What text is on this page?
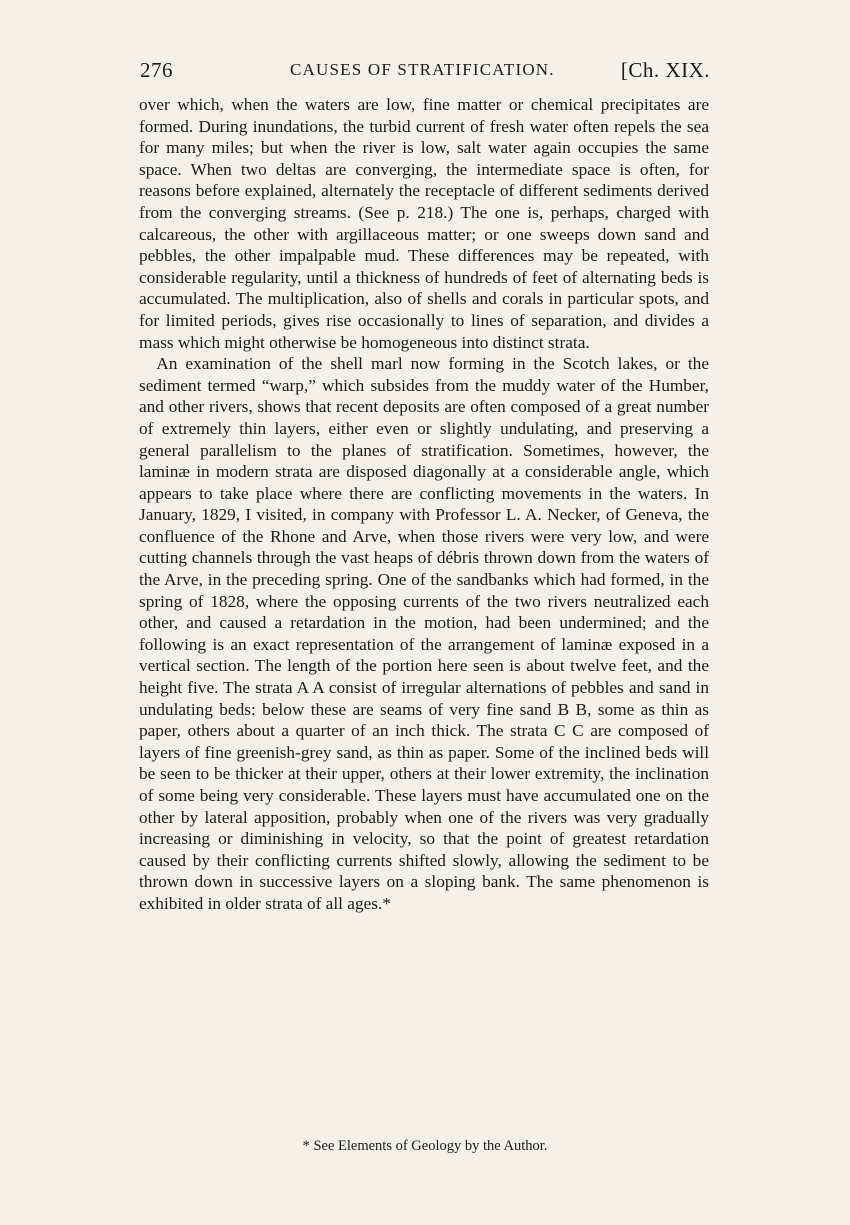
276	CAUSES OF STRATIFICATION.	[Ch. XIX.

over which, when the waters are low, fine matter or chemical precipitates are formed. During inundations, the turbid current of fresh water often repels the sea for many miles; but when the river is low, salt water again occupies the same space. When two deltas are converging, the intermediate space is often, for reasons before explained, alternately the receptacle of different sediments derived from the converging streams. (See p. 218.) The one is, perhaps, charged with calcareous, the other with argillaceous matter; or one sweeps down sand and pebbles, the other impalpable mud. These differences may be repeated, with considerable regularity, until a thickness of hundreds of feet of alternating beds is accumulated. The multiplication, also of shells and corals in particular spots, and for limited periods, gives rise occasionally to lines of separation, and divides a mass which might otherwise be homogeneous into distinct strata.

An examination of the shell marl now forming in the Scotch lakes, or the sediment termed “warp,” which subsides from the muddy water of the Humber, and other rivers, shows that recent deposits are often composed of a great number of extremely thin layers, either even or slightly undulating, and preserving a general parallelism to the planes of stratification. Sometimes, however, the laminæ in modern strata are disposed diagonally at a considerable angle, which appears to take place where there are conflicting movements in the waters. In January, 1829, I visited, in company with Professor L. A. Necker, of Geneva, the confluence of the Rhone and Arve, when those rivers were very low, and were cutting channels through the vast heaps of débris thrown down from the waters of the Arve, in the preceding spring. One of the sandbanks which had formed, in the spring of 1828, where the opposing currents of the two rivers neutralized each other, and caused a retardation in the motion, had been undermined; and the following is an exact representation of the arrangement of laminæ exposed in a vertical section. The length of the portion here seen is about twelve feet, and the height five. The strata A A consist of irregular alternations of pebbles and sand in undulating beds: below these are seams of very fine sand B B, some as thin as paper, others about a quarter of an inch thick. The strata C C are composed of layers of fine greenish-grey sand, as thin as paper. Some of the inclined beds will be seen to be thicker at their upper, others at their lower extremity, the inclination of some being very considerable. These layers must have accumulated one on the other by lateral apposition, probably when one of the rivers was very gradually increasing or diminishing in velocity, so that the point of greatest retardation caused by their conflicting currents shifted slowly, allowing the sediment to be thrown down in successive layers on a sloping bank. The same phenomenon is exhibited in older strata of all ages.*

* See Elements of Geology by the Author.
